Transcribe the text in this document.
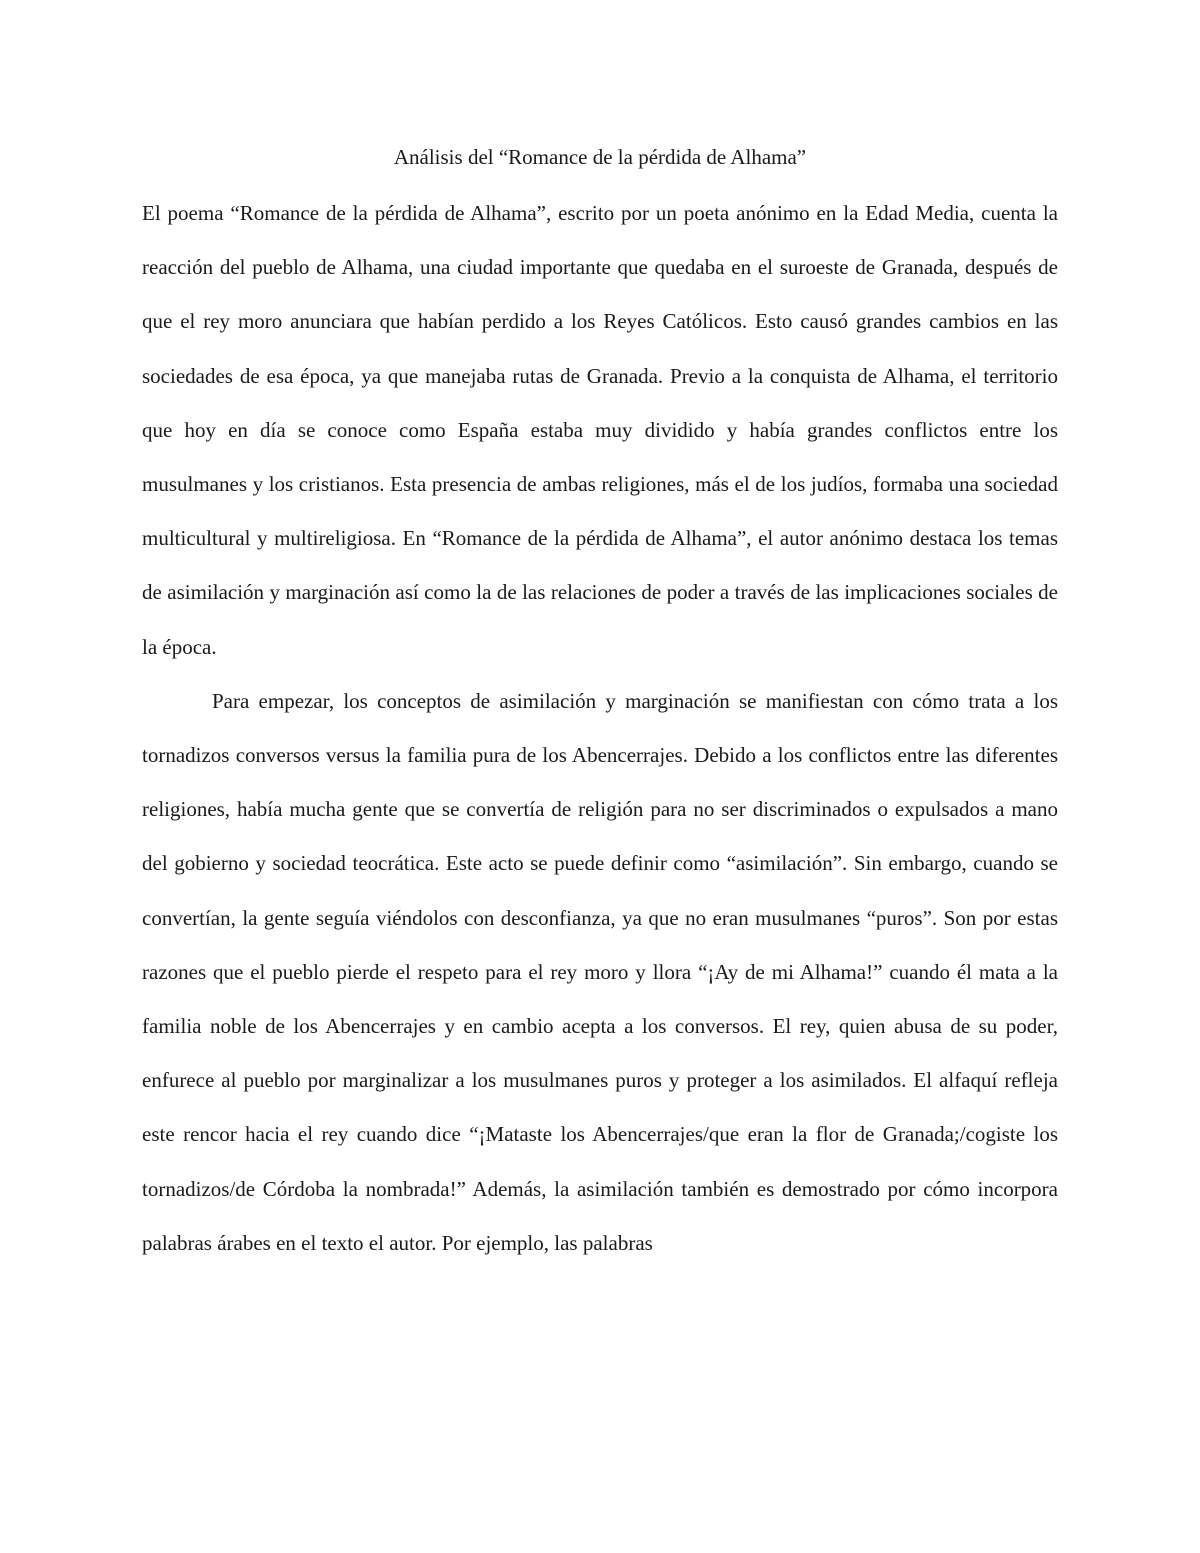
Análisis del “Romance de la pérdida de Alhama”

El poema “Romance de la pérdida de Alhama”, escrito por un poeta anónimo en la Edad Media, cuenta la reacción del pueblo de Alhama, una ciudad importante que quedaba en el suroeste de Granada, después de que el rey moro anunciara que habían perdido a los Reyes Católicos. Esto causó grandes cambios en las sociedades de esa época, ya que manejaba rutas de Granada. Previo a la conquista de Alhama, el territorio que hoy en día se conoce como España estaba muy dividido y había grandes conflictos entre los musulmanes y los cristianos. Esta presencia de ambas religiones, más el de los judíos, formaba una sociedad multicultural y multireligiosa. En “Romance de la pérdida de Alhama”, el autor anónimo destaca los temas de asimilación y marginación así como la de las relaciones de poder a través de las implicaciones sociales de la época.

Para empezar, los conceptos de asimilación y marginación se manifiestan con cómo trata a los tornadizos conversos versus la familia pura de los Abencerrajes. Debido a los conflictos entre las diferentes religiones, había mucha gente que se convertía de religión para no ser discriminados o expulsados a mano del gobierno y sociedad teocrática. Este acto se puede definir como “asimilación”. Sin embargo, cuando se convertían, la gente seguía viéndolos con desconfianza, ya que no eran musulmanes “puros”. Son por estas razones que el pueblo pierde el respeto para el rey moro y llora “¡Ay de mi Alhama!” cuando él mata a la familia noble de los Abencerrajes y en cambio acepta a los conversos. El rey, quien abusa de su poder, enfurece al pueblo por marginalizar a los musulmanes puros y proteger a los asimilados. El alfaquí refleja este rencor hacia el rey cuando dice “¡Mataste los Abencerrajes/que eran la flor de Granada;/cogiste los tornadizos/de Córdoba la nombrada!” Además, la asimilación también es demostrado por cómo incorpora palabras árabes en el texto el autor. Por ejemplo, las palabras
